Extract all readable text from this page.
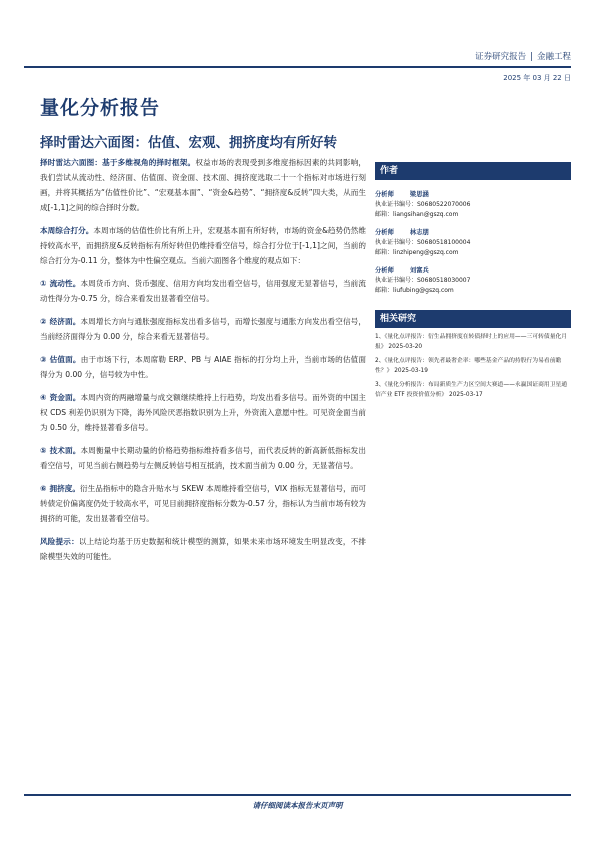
证券研究报告 | 金融工程
2025 年 03 月 22 日
量化分析报告
择时雷达六面图：估值、宏观、拥挤度均有所好转

择时雷达六面图：基于多维视角的择时框架。权益市场的表现受到多维度指标因素的共同影响，我们尝试从流动性、经济面、估值面、资金面、技术面、拥挤度选取二十一个指标对市场进行刻画，并将其概括为“估值性价比”、“宏观基本面”、“资金&趋势”、“拥挤度&反转”四大类，从而生成[-1,1]之间的综合择时分数。

本周综合打分。本周市场的估值性价比有所上升，宏观基本面有所好转，市场的资金&趋势仍然维持较高水平，而拥挤度&反转指标有所好转但仍维持看空信号，综合打分位于[-1,1]之间，当前的综合打分为-0.11 分，整体为中性偏空观点。当前六面图各个维度的观点如下：

① 流动性。本周货币方向、货币强度、信用方向均发出看空信号，信用强度无显著信号，当前流动性得分为-0.75 分，综合来看发出显著看空信号。

② 经济面。本周增长方向与通胀强度指标发出看多信号，而增长强度与通胀方向发出看空信号，当前经济面得分为 0.00 分，综合来看无显著信号。

③ 估值面。由于市场下行，本周席勒 ERP、PB 与 AIAE 指标的打分均上升，当前市场的估值面得分为 0.00 分，信号较为中性。

④ 资金面。本周内资的两融增量与成交额继续维持上行趋势，均发出看多信号。而外资的中国主权 CDS 利差仍识别为下降，海外风险厌恶指数识别为上升，外资流入意愿中性。可见资金面当前为 0.50 分，维持显著看多信号。

⑤ 技术面。本周衡量中长期动量的价格趋势指标维持看多信号，而代表反转的新高新低指标发出看空信号，可见当前右侧趋势与左侧反转信号相互抵消，技术面当前为 0.00 分，无显著信号。

⑥ 拥挤度。衍生品指标中的隐含升贴水与 SKEW 本周维持看空信号，VIX 指标无显著信号，而可转债定价偏离度仍处于较高水平，可见目前拥挤度指标分数为-0.57 分，指标认为当前市场有较为拥挤的可能，发出显著看空信号。

风险提示：以上结论均基于历史数据和统计模型的测算，如果未来市场环境发生明显改变，不排除模型失效的可能性。

作者
分析师	梁思涵
执业证书编号：S0680522070006
邮箱：liangsihan@gszq.com
分析师	林志朋
执业证书编号：S0680518100004
邮箱：linzhipeng@gszq.com
分析师	刘富兵
执业证书编号：S0680518030007
邮箱：liufubing@gszq.com
相关研究
1、《量化点评报告：衍生品拥挤度在转债择时上的应用——三可转债量化月报》 2025-03-20
2、《量化点评报告：领先者最奢企率：哪些基金产品的持股行为易看前瞻性？》 2025-03-19
3、《量化分析报告：布局新质生产力区空间大赛道——永赢国证商用卫星通信产业 ETF 投资价值分析》 2025-03-17
请仔细阅读本报告末页声明
